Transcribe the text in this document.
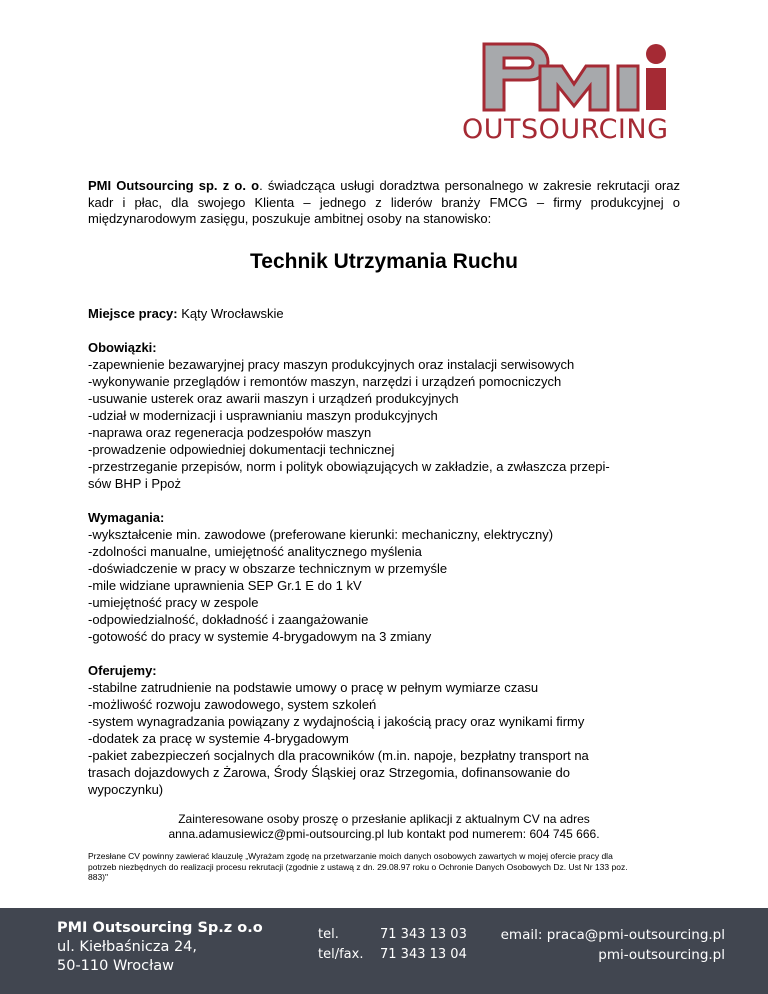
OUTSOURCING
PMI Outsourcing sp. z o. o. świadcząca usługi doradztwa personalnego w zakresie rekrutacji oraz kadr i płac, dla swojego Klienta – jednego z liderów branży FMCG – firmy produkcyjnej o międzynarodowym zasięgu, poszukuje ambitnej osoby na stanowisko:
Technik Utrzymania Ruchu

Miejsce pracy: Kąty Wrocławskie

Obowiązki:

-zapewnienie bezawaryjnej pracy maszyn produkcyjnych oraz instalacji serwisowych

-wykonywanie przeglądów i remontów maszyn, narzędzi i urządzeń pomocniczych

-usuwanie usterek oraz awarii maszyn i urządzeń produkcyjnych

-udział w modernizacji i usprawnianiu maszyn produkcyjnych

-naprawa oraz regeneracja podzespołów maszyn

-prowadzenie odpowiedniej dokumentacji technicznej

-przestrzeganie przepisów, norm i polityk obowiązujących w zakładzie, a zwłaszcza przepi-

sów BHP i Ppoż

Wymagania:

-wykształcenie min. zawodowe (preferowane kierunki: mechaniczny, elektryczny)

-zdolności manualne, umiejętność analitycznego myślenia

-doświadczenie w pracy w obszarze technicznym w przemyśle

-mile widziane uprawnienia SEP Gr.1 E do 1 kV

-umiejętność pracy w zespole

-odpowiedzialność, dokładność i zaangażowanie

-gotowość do pracy w systemie 4-brygadowym na 3 zmiany

Oferujemy:

-stabilne zatrudnienie na podstawie umowy o pracę w pełnym wymiarze czasu

-możliwość rozwoju zawodowego, system szkoleń

-system wynagradzania powiązany z wydajnością i jakością pracy oraz wynikami firmy

-dodatek za pracę w systemie 4-brygadowym

-pakiet zabezpieczeń socjalnych dla pracowników (m.in. napoje, bezpłatny transport na

trasach dojazdowych z Żarowa, Środy Śląskiej oraz Strzegomia, dofinansowanie do

wypoczynku)

Zainteresowane osoby proszę o przesłanie aplikacji z aktualnym CV na adres
anna.adamusiewicz@pmi-outsourcing.pl lub kontakt pod numerem: 604 745 666.
Przesłane CV powinny zawierać klauzulę „Wyrażam zgodę na przetwarzanie moich danych osobowych zawartych w mojej ofercie pracy dla potrzeb niezbędnych do realizacji procesu rekrutacji (zgodnie z ustawą z dn. 29.08.97 roku o Ochronie Danych Osobowych Dz. Ust Nr 133 poz. 883)"
PMI Outsourcing Sp.z o.o
ul. Kiełbaśnicza 24,
50-110 Wrocław
tel.	71 343 13 03
tel/fax.	71 343 13 04
email: praca@pmi-outsourcing.pl
pmi-outsourcing.pl
